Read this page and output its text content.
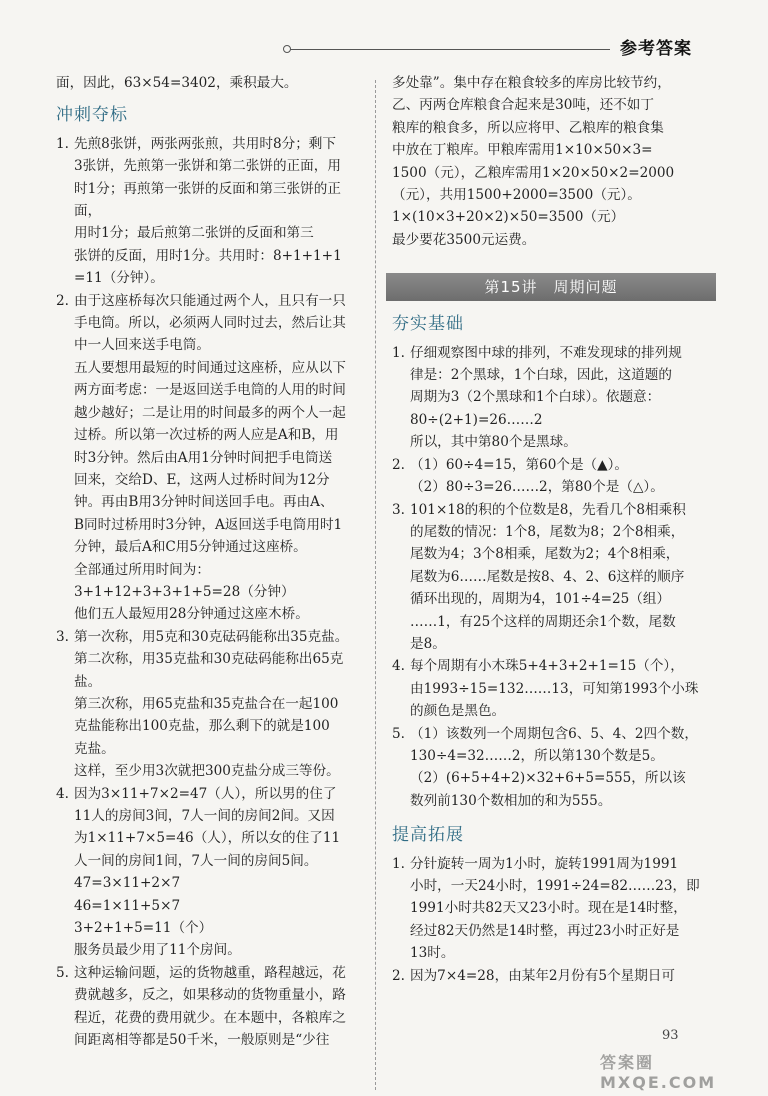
参考答案

面，因此，63×54=3402，乘积最大。

冲刺夺标
1. 先煎8张饼，两张两张煎，共用时8分；剩下

3张饼，先煎第一张饼和第二张饼的正面，用

时1分；再煎第一张饼的反面和第三张饼的正面，

用时1分；最后煎第二张饼的反面和第三

张饼的反面，用时1分。共用时：8+1+1+1

=11（分钟）。

2. 由于这座桥每次只能通过两个人，且只有一只

手电筒。所以，必须两人同时过去，然后让其

中一人回来送手电筒。

五人要想用最短的时间通过这座桥，应从以下

两方面考虑：一是返回送手电筒的人用的时间

越少越好；二是让用的时间最多的两个人一起

过桥。所以第一次过桥的两人应是A和B，用

时3分钟。然后由A用1分钟时间把手电筒送

回来，交给D、E，这两人过桥时间为12分

钟。再由B用3分钟时间送回手电。再由A、

B同时过桥用时3分钟，A返回送手电筒用时1

分钟，最后A和C用5分钟通过这座桥。

全部通过所用时间为：

3+1+12+3+3+1+5=28（分钟）

他们五人最短用28分钟通过这座木桥。

3. 第一次称，用5克和30克砝码能称出35克盐。

第二次称，用35克盐和30克砝码能称出65克

盐。

第三次称，用65克盐和35克盐合在一起100

克盐能称出100克盐，那么剩下的就是100

克盐。

这样，至少用3次就把300克盐分成三等份。

4. 因为3×11+7×2=47（人），所以男的住了

11人的房间3间，7人一间的房间2间。又因

为1×11+7×5=46（人），所以女的住了11

人一间的房间1间，7人一间的房间5间。

47=3×11+2×7

46=1×11+5×7

3+2+1+5=11（个）

服务员最少用了11个房间。

5. 这种运输问题，运的货物越重，路程越远，花

费就越多，反之，如果移动的货物重量小，路

程近，花费的费用就少。在本题中，各粮库之

间距离相等都是50千米，一般原则是“少往

多处靠”。集中存在粮食较多的库房比较节约，

乙、丙两仓库粮食合起来是30吨，还不如丁

粮库的粮食多，所以应将甲、乙粮库的粮食集

中放在丁粮库。甲粮库需用1×10×50×3=

1500（元），乙粮库需用1×20×50×2=2000

（元），共用1500+2000=3500（元）。

1×(10×3+20×2)×50=3500（元）

最少要花3500元运费。

第15讲　周期问题
夯实基础
1. 仔细观察图中球的排列，不难发现球的排列规

律是：2个黑球，1个白球，因此，这道题的

周期为3（2个黑球和1个白球）。依题意：

80÷(2+1)=26……2

所以，其中第80个是黑球。

2. （1）60÷4=15，第60个是（▲）。

（2）80÷3=26……2，第80个是（△）。

3. 101×18的积的个位数是8，先看几个8相乘积

的尾数的情况：1个8，尾数为8；2个8相乘，

尾数为4；3个8相乘，尾数为2；4个8相乘，

尾数为6……尾数是按8、4、2、6这样的顺序

循环出现的，周期为4，101÷4=25（组）

……1，有25个这样的周期还余1个数，尾数

是8。

4. 每个周期有小木珠5+4+3+2+1=15（个），

由1993÷15=132……13，可知第1993个小珠

的颜色是黑色。

5. （1）该数列一个周期包含6、5、4、2四个数，

130÷4=32……2，所以第130个数是5。

（2）(6+5+4+2)×32+6+5=555，所以该

数列前130个数相加的和为555。

提高拓展
1. 分针旋转一周为1小时，旋转1991周为1991

小时，一天24小时，1991÷24=82……23，即

1991小时共82天又23小时。现在是14时整，

经过82天仍然是14时整，再过23小时正好是

13时。

2. 因为7×4=28，由某年2月份有5个星期日可

93
答案圈 MXQE.COM
